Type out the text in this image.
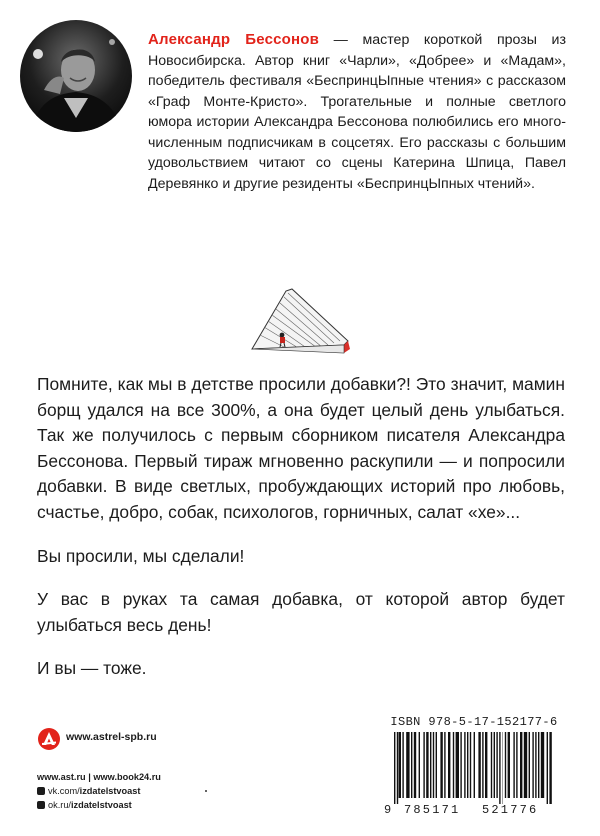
Александр Бессонов — мастер короткой прозы из Новосибирска. Автор книг «Чарли», «Добрее» и «Мадам», победитель фестиваля «БеспринцЫпные чтения» с рассказом «Граф Монте-Кристо». Трогательные и полные светлого юмора истории Александра Бессонова полюбились его многочисленным подписчикам в соцсетях. Его рассказы с большим удовольствием читают со сцены Катерина Шпица, Павел Деревянко и другие резиденты «БеспринцЫпных чтений».

Помните, как мы в детстве просили добавки?! Это значит, мамин борщ удался на все 300%, а она будет целый день улыбаться. Так же получилось с первым сборником писателя Александра Бессонова. Первый тираж мгновенно раскупили — и попросили добавки. В виде светлых, пробуждающих историй про любовь, счастье, добро, собак, психологов, горничных, салат «хе»...

Вы просили, мы сделали!

У вас в руках та самая добавка, от которой автор будет улыбаться весь день!

И вы — тоже.

www.astrel-spb.ru
www.ast.ru | www.book24.ru
vk.com/izdatelstvoast
ok.ru/izdatelstvoast
ISBN 978-5-17-152177-6
9 785171 521776
